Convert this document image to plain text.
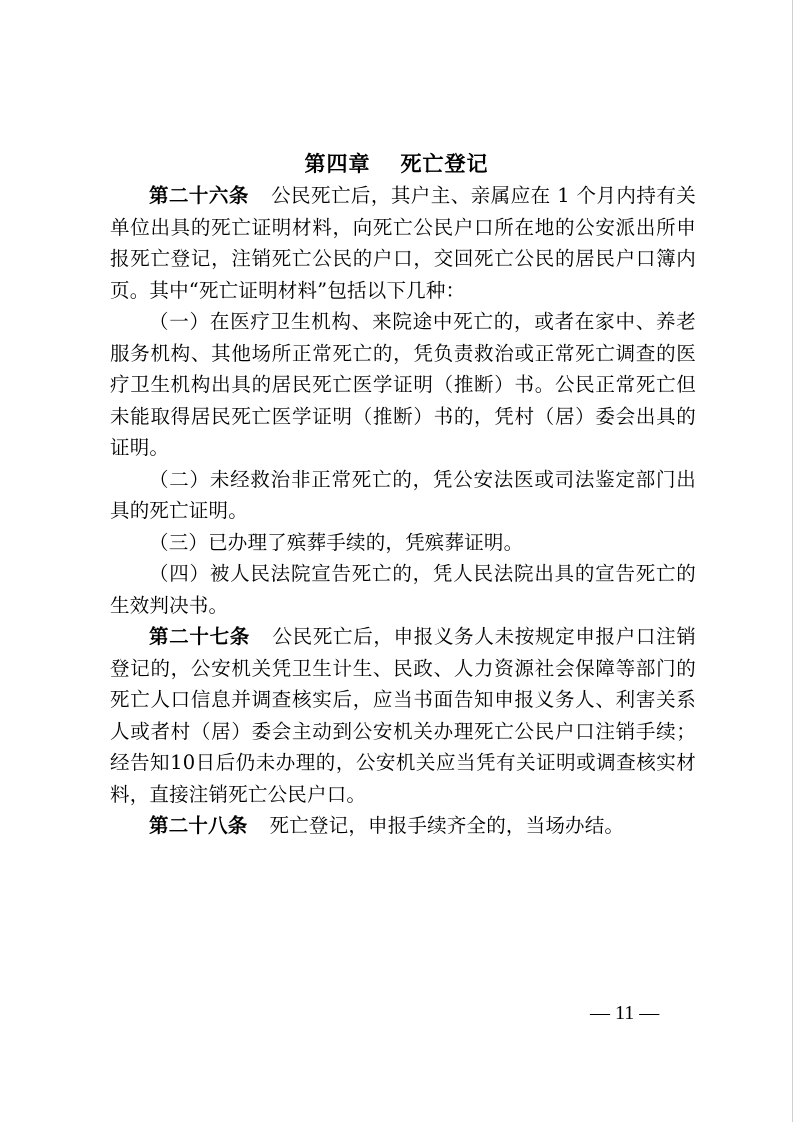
第四章 死亡登记

第二十六条 公民死亡后，其户主、亲属应在 1 个月内持有关单位出具的死亡证明材料，向死亡公民户口所在地的公安派出所申报死亡登记，注销死亡公民的户口，交回死亡公民的居民户口簿内页。其中“死亡证明材料”包括以下几种：

（一）在医疗卫生机构、来院途中死亡的，或者在家中、养老服务机构、其他场所正常死亡的，凭负责救治或正常死亡调查的医疗卫生机构出具的居民死亡医学证明（推断）书。公民正常死亡但未能取得居民死亡医学证明（推断）书的，凭村（居）委会出具的证明。

（二）未经救治非正常死亡的，凭公安法医或司法鉴定部门出具的死亡证明。

（三）已办理了殡葬手续的，凭殡葬证明。

（四）被人民法院宣告死亡的，凭人民法院出具的宣告死亡的生效判决书。

第二十七条 公民死亡后，申报义务人未按规定申报户口注销登记的，公安机关凭卫生计生、民政、人力资源社会保障等部门的死亡人口信息并调查核实后，应当书面告知申报义务人、利害关系人或者村（居）委会主动到公安机关办理死亡公民户口注销手续；经告知10日后仍未办理的，公安机关应当凭有关证明或调查核实材料，直接注销死亡公民户口。

第二十八条 死亡登记，申报手续齐全的，当场办结。

— 11 —
